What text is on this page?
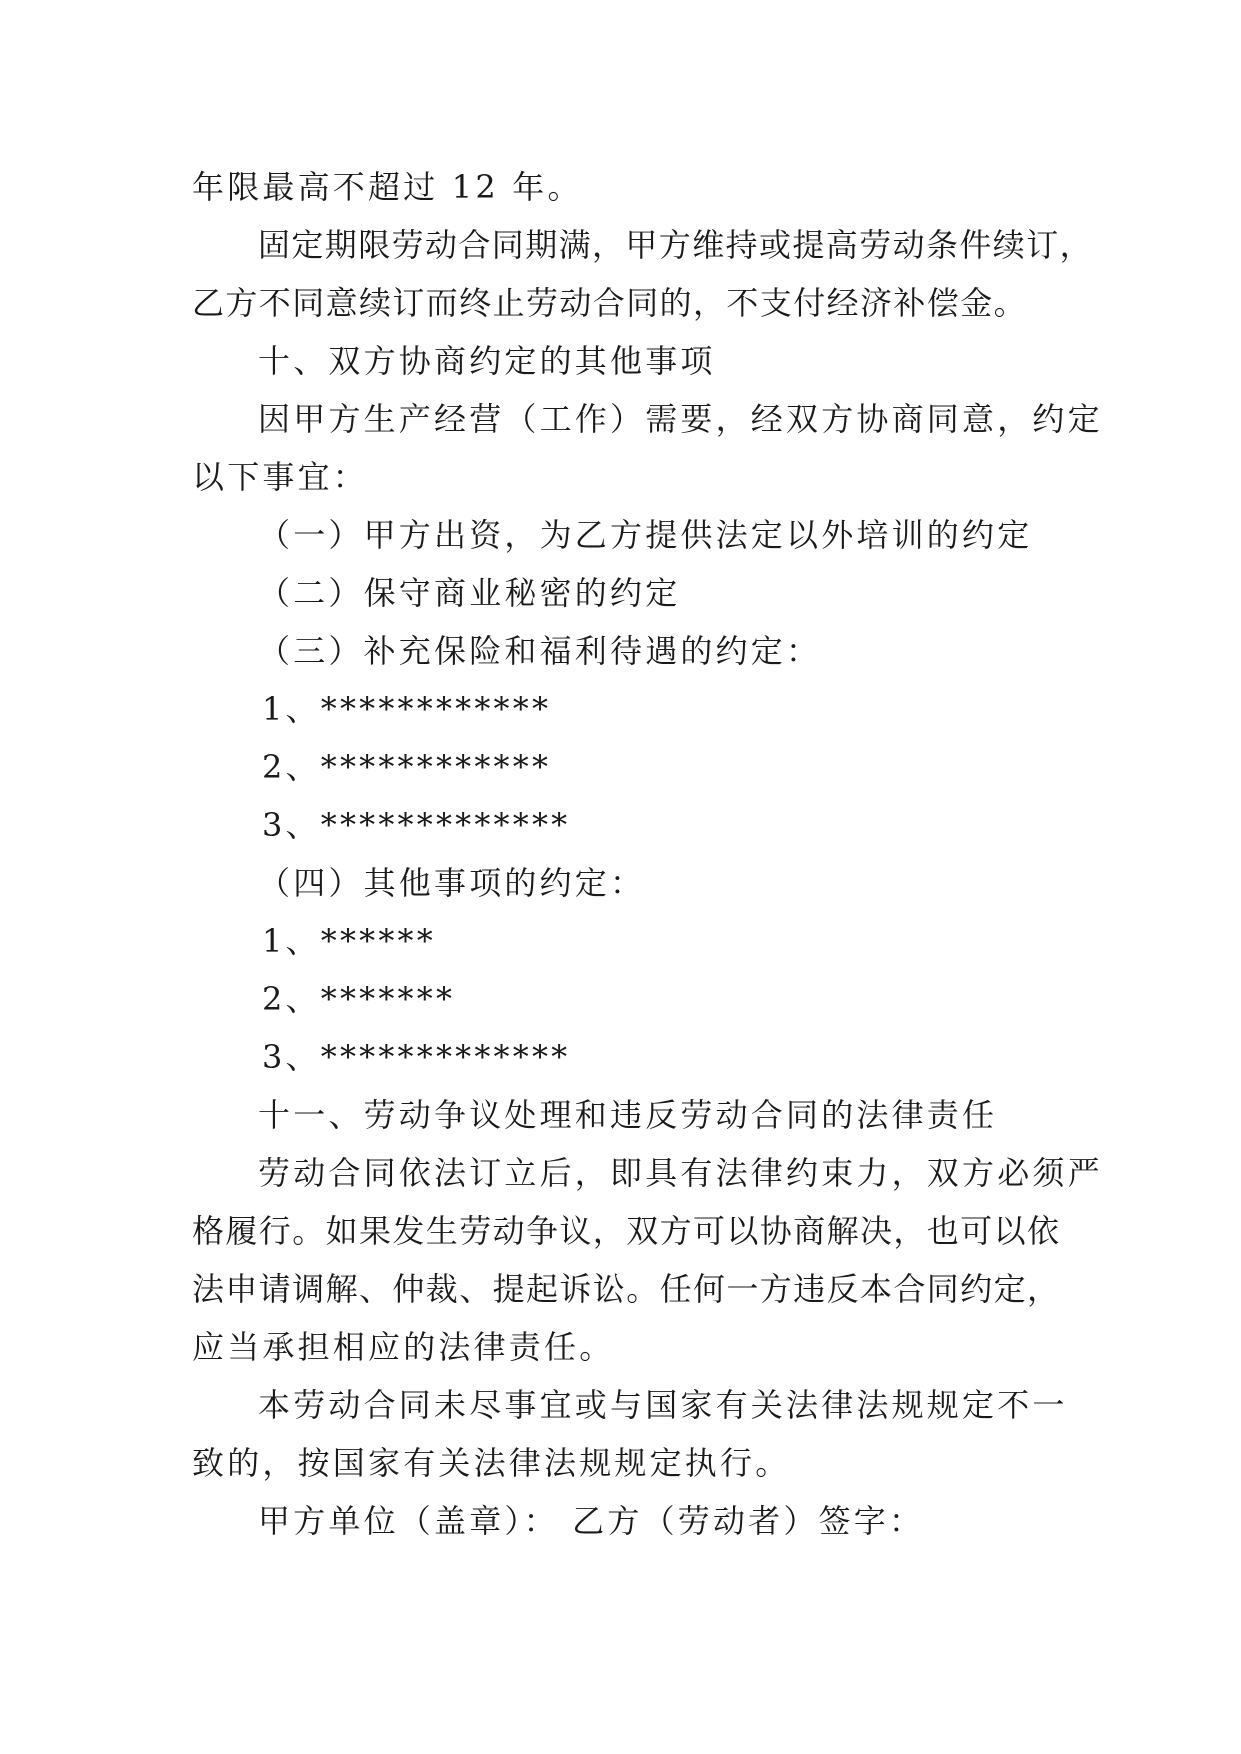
年限最高不超过 12 年。

固定期限劳动合同期满，甲方维持或提高劳动条件续订，

乙方不同意续订而终止劳动合同的，不支付经济补偿金。

十、双方协商约定的其他事项

因甲方生产经营（工作）需要，经双方协商同意，约定

以下事宜：

（一）甲方出资，为乙方提供法定以外培训的约定

（二）保守商业秘密的约定

（三）补充保险和福利待遇的约定：

1、************

2、************

3、*************

（四）其他事项的约定：

1、******

2、*******

3、*************

十一、劳动争议处理和违反劳动合同的法律责任

劳动合同依法订立后，即具有法律约束力，双方必须严

格履行。如果发生劳动争议，双方可以协商解决，也可以依

法申请调解、仲裁、提起诉讼。任何一方违反本合同约定，

应当承担相应的法律责任。

本劳动合同未尽事宜或与国家有关法律法规规定不一

致的，按国家有关法律法规规定执行。

甲方单位（盖章）： 乙方（劳动者）签字：
